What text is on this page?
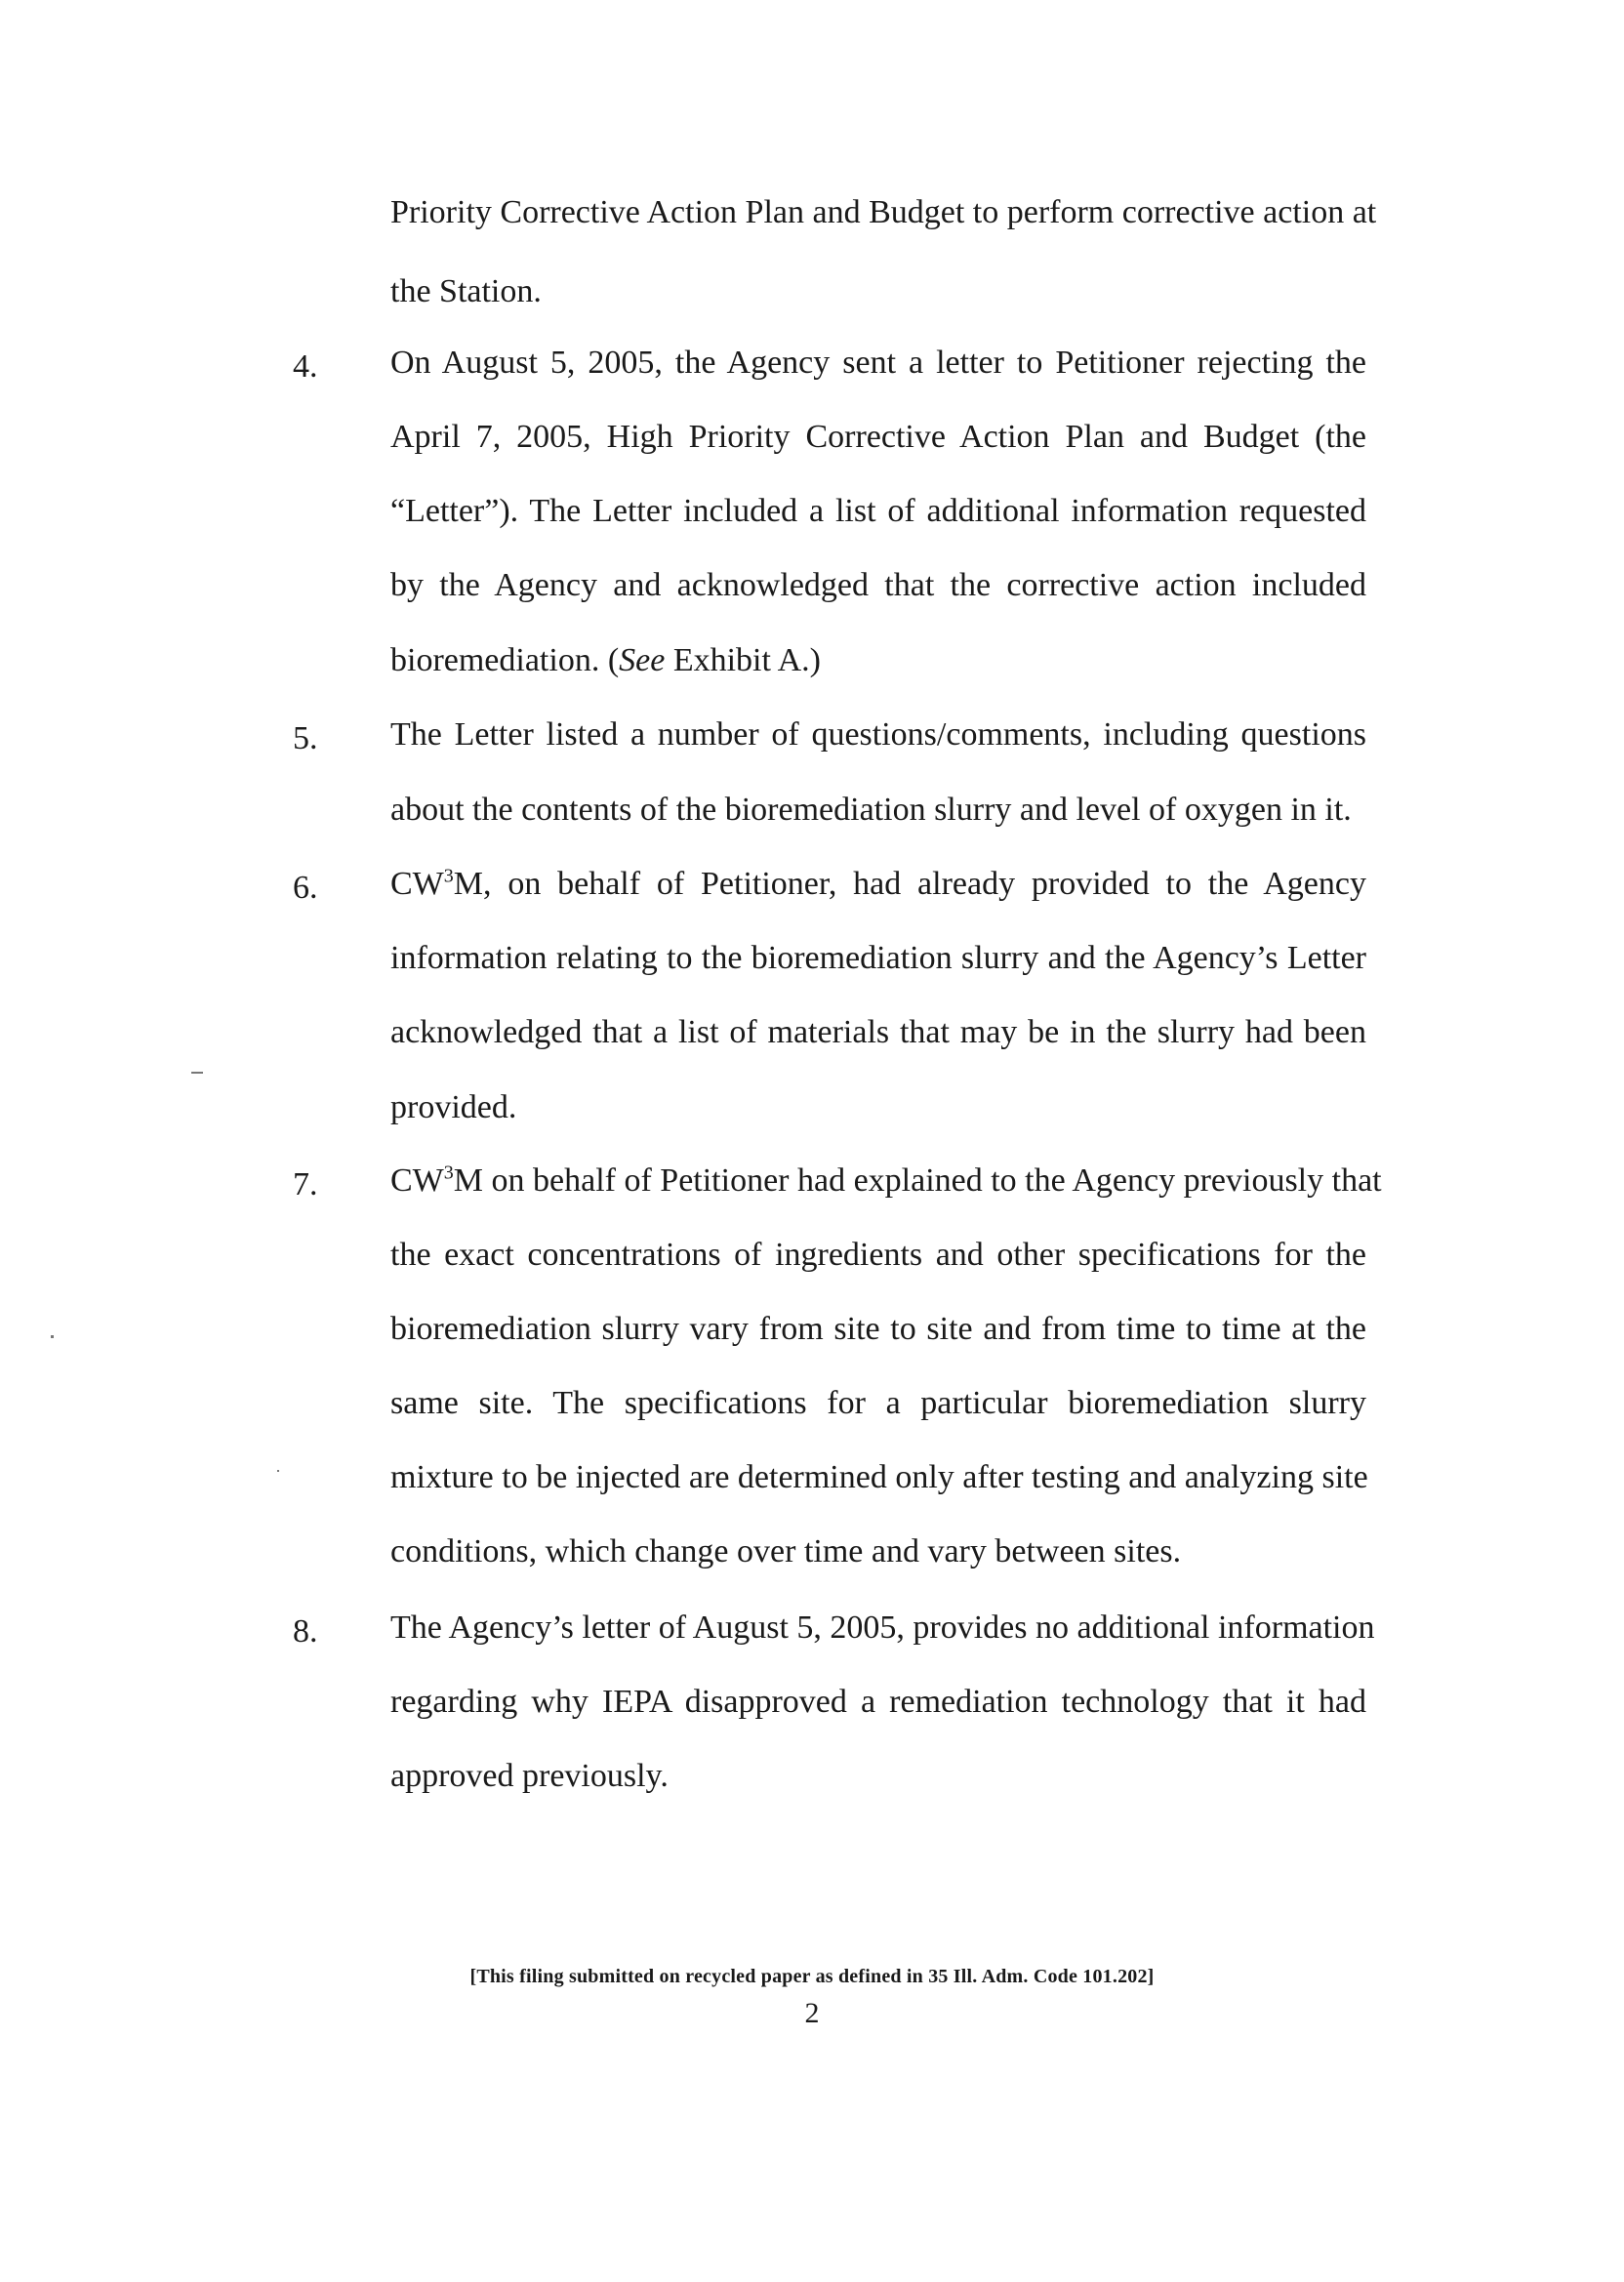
Priority Corrective Action Plan and Budget to perform corrective action at
the Station.
4. On August 5, 2005, the Agency sent a letter to Petitioner rejecting the
April 7, 2005, High Priority Corrective Action Plan and Budget (the
“Letter”). The Letter included a list of additional information requested
by the Agency and acknowledged that the corrective action included
bioremediation. (See Exhibit A.)
5. The Letter listed a number of questions/comments, including questions
about the contents of the bioremediation slurry and level of oxygen in it.
6. $CW^3M$, on behalf of Petitioner, had already provided to the Agency
information relating to the bioremediation slurry and the Agency’s Letter
acknowledged that a list of materials that may be in the slurry had been
provided.
7. $CW^3M$ on behalf of Petitioner had explained to the Agency previously that
the exact concentrations of ingredients and other specifications for the
bioremediation slurry vary from site to site and from time to time at the
same site. The specifications for a particular bioremediation slurry
mixture to be injected are determined only after testing and analyzing site
conditions, which change over time and vary between sites.
8. The Agency’s letter of August 5, 2005, provides no additional information
regarding why IEPA disapproved a remediation technology that it had
approved previously.
[This filing submitted on recycled paper as defined in 35 Ill. Adm. Code 101.202]
2
